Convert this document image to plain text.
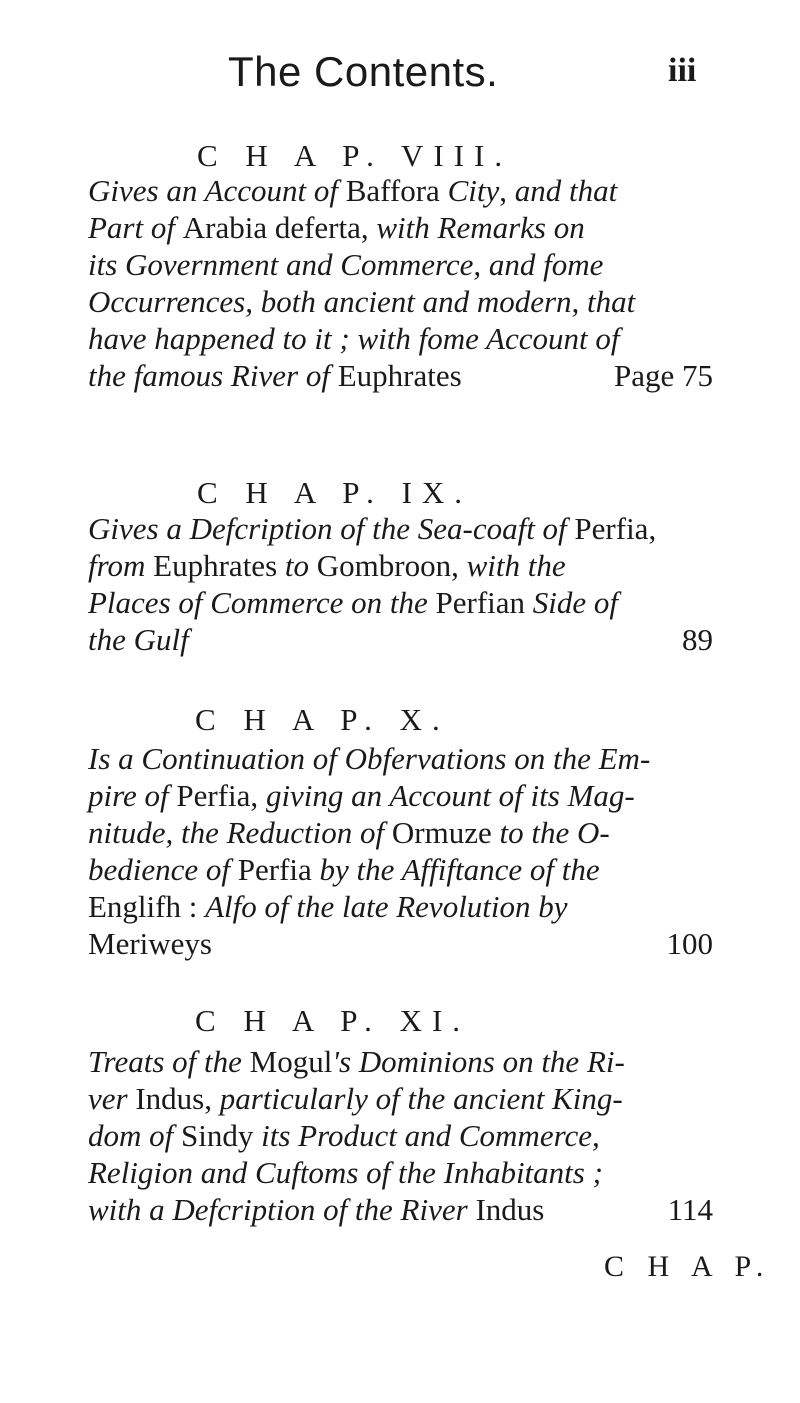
The Contents.	iii
C H A P. VIII.
Gives an Account of Baffora City, and that
Part of Arabia deferta, with Remarks on
its Government and Commerce, and fome
Occurrences, both ancient and modern, that
have happened to it ; with fome Account of
the famous River of Euphrates	Page 75
C H A P. IX.
Gives a Defcription of the Sea-coaft of Perfia,
from Euphrates to Gombroon, with the
Places of Commerce on the Perfian Side of
the Gulf	89
C H A P. X.
Is a Continuation of Obfervations on the Em-
pire of Perfia, giving an Account of its Mag-
nitude, the Reduction of Ormuze to the O-
bedience of Perfia by the Affiftance of the
Englifh : Alfo of the late Revolution by
Meriweys	100
C H A P. XI.
Treats of the Mogul's Dominions on the Ri-
ver Indus, particularly of the ancient King-
dom of Sindy its Product and Commerce,
Religion and Cuftoms of the Inhabitants ;
with a Defcription of the River Indus	114
C H A P.
